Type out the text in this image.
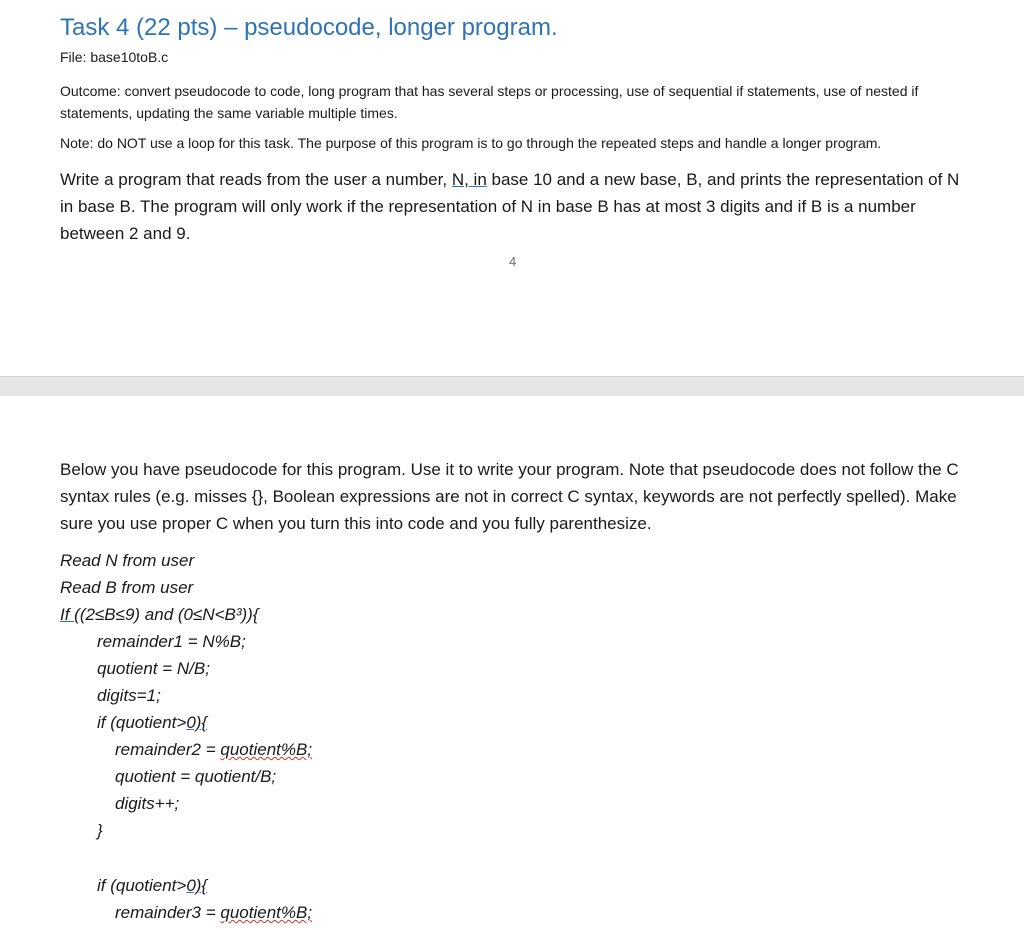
Task 4 (22 pts) – pseudocode, longer program.
File: base10toB.c
Outcome: convert pseudocode to code, long program that has several steps or processing, use of sequential if statements, use of nested if statements, updating the same variable multiple times.
Note: do NOT use a loop for this task. The purpose of this program is to go through the repeated steps and handle a longer program.
Write a program that reads from the user a number, N, in base 10 and a new base, B, and prints the representation of N in base B. The program will only work if the representation of N in base B has at most 3 digits and if B is a number between 2 and 9.
4
Below you have pseudocode for this program. Use it to write your program. Note that pseudocode does not follow the C syntax rules (e.g. misses {}, Boolean expressions are not in correct C syntax, keywords are not perfectly spelled). Make sure you use proper C when you turn this into code and you fully parenthesize.
Read N from user
Read B from user
If ((2≤B≤9) and (0≤N<B³)){
remainder1 = N%B;
quotient = N/B;
digits=1;
if (quotient>0){
remainder2 = quotient%B;
quotient = quotient/B;
digits++;
}
if (quotient>0){
remainder3 = quotient%B;
